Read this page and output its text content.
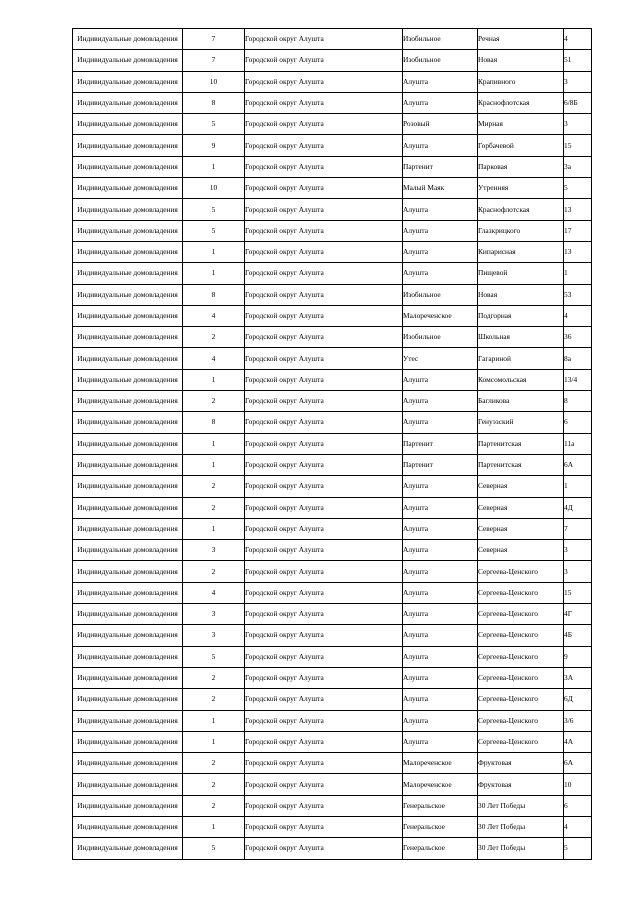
Индивидуальные домовладения	7	Городской округ Алушта	Изобильное	Речная	4
Индивидуальные домовладения	7	Городской округ Алушта	Изобильное	Новая	51
Индивидуальные домовладения	10	Городской округ Алушта	Алушта	Крапивного	3
Индивидуальные домовладения	8	Городской округ Алушта	Алушта	Краснофлотская	6/8Б
Индивидуальные домовладения	5	Городской округ Алушта	Розовый	Мирная	3
Индивидуальные домовладения	9	Городской округ Алушта	Алушта	Горбачевой	15
Индивидуальные домовладения	1	Городской округ Алушта	Партенит	Парковая	3а
Индивидуальные домовладения	10	Городской округ Алушта	Малый Маяк	Утренняя	5
Индивидуальные домовладения	5	Городской округ Алушта	Алушта	Краснофлотская	13
Индивидуальные домовладения	5	Городской округ Алушта	Алушта	Глазкрицкого	17
Индивидуальные домовладения	1	Городской округ Алушта	Алушта	Кипарисная	13
Индивидуальные домовладения	1	Городской округ Алушта	Алушта	Пищевой	1
Индивидуальные домовладения	8	Городской округ Алушта	Изобильное	Новая	53
Индивидуальные домовладения	4	Городской округ Алушта	Малореченское	Подгорная	4
Индивидуальные домовладения	2	Городской округ Алушта	Изобильное	Школьная	36
Индивидуальные домовладения	4	Городской округ Алушта	Утес	Гагариной	8а
Индивидуальные домовладения	1	Городской округ Алушта	Алушта	Комсомольская	13/4
Индивидуальные домовладения	2	Городской округ Алушта	Алушта	Багликова	8
Индивидуальные домовладения	8	Городской округ Алушта	Алушта	Генуэзский	6
Индивидуальные домовладения	1	Городской округ Алушта	Партенит	Партенитская	11а
Индивидуальные домовладения	1	Городской округ Алушта	Партенит	Партенитская	6А
Индивидуальные домовладения	2	Городской округ Алушта	Алушта	Северная	1
Индивидуальные домовладения	2	Городской округ Алушта	Алушта	Северная	4Д
Индивидуальные домовладения	1	Городской округ Алушта	Алушта	Северная	7
Индивидуальные домовладения	3	Городской округ Алушта	Алушта	Северная	3
Индивидуальные домовладения	2	Городской округ Алушта	Алушта	Сергеева-Ценского	3
Индивидуальные домовладения	4	Городской округ Алушта	Алушта	Сергеева-Ценского	15
Индивидуальные домовладения	3	Городской округ Алушта	Алушта	Сергеева-Ценского	4Г
Индивидуальные домовладения	3	Городской округ Алушта	Алушта	Сергеева-Ценского	4Б
Индивидуальные домовладения	5	Городской округ Алушта	Алушта	Сергеева-Ценского	9
Индивидуальные домовладения	2	Городской округ Алушта	Алушта	Сергеева-Ценского	3А
Индивидуальные домовладения	2	Городской округ Алушта	Алушта	Сергеева-Ценского	6Д
Индивидуальные домовладения	1	Городской округ Алушта	Алушта	Сергеева-Ценского	3/6
Индивидуальные домовладения	1	Городской округ Алушта	Алушта	Сергеева-Ценского	4А
Индивидуальные домовладения	2	Городской округ Алушта	Малореченское	Фруктовая	6А
Индивидуальные домовладения	2	Городской округ Алушта	Малореченское	Фруктовая	10
Индивидуальные домовладения	2	Городской округ Алушта	Генеральское	30 Лет Победы	6
Индивидуальные домовладения	1	Городской округ Алушта	Генеральское	30 Лет Победы	4
Индивидуальные домовладения	5	Городской округ Алушта	Генеральское	30 Лет Победы	5
